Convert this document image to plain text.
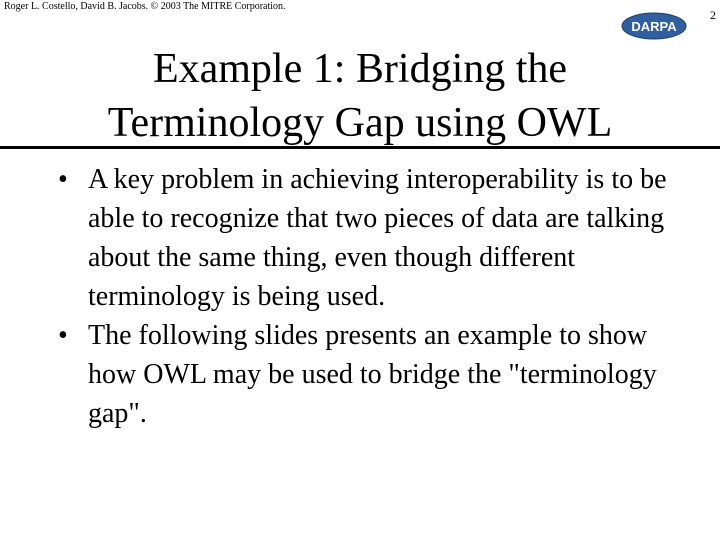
Roger L. Costello, David B. Jacobs. © 2003 The MITRE Corporation.
DARPA
2
Example 1: Bridging the
Terminology Gap using OWL
• A key problem in achieving interoperability is to be able to recognize that two pieces of data are talking about the same thing, even though different terminology is being used.
• The following slides presents an example to show how OWL may be used to bridge the "terminology gap".
